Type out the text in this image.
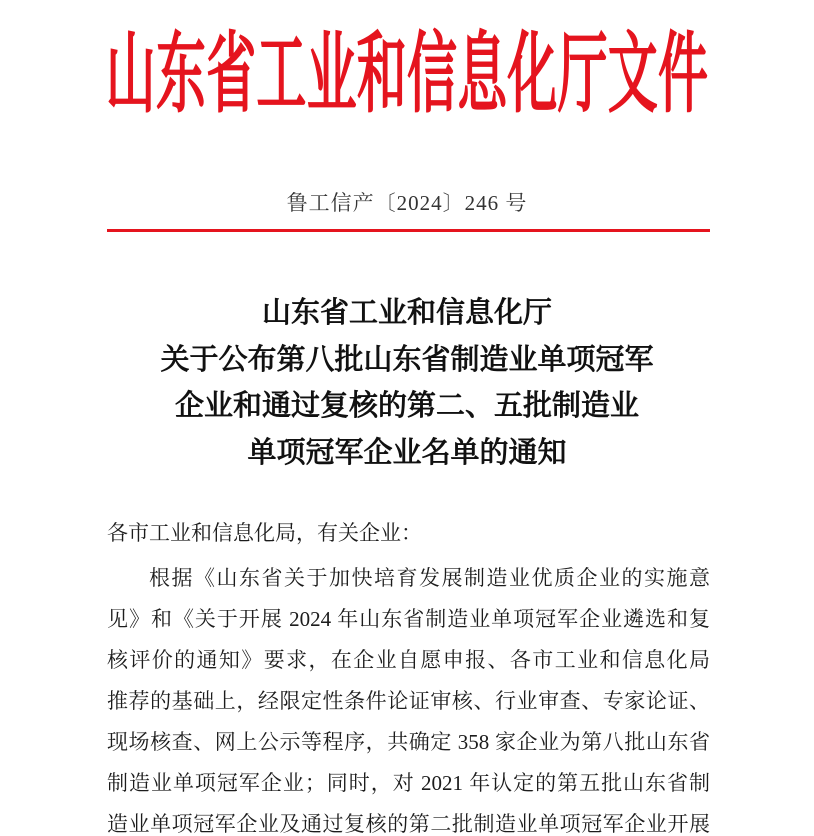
山东省工业和信息化厅文件
鲁工信产〔2024〕246 号
山东省工业和信息化厅
关于公布第八批山东省制造业单项冠军
企业和通过复核的第二、五批制造业
单项冠军企业名单的通知
各市工业和信息化局，有关企业：
根据《山东省关于加快培育发展制造业优质企业的实施意
见》和《关于开展 2024 年山东省制造业单项冠军企业遴选和复
核评价的通知》要求，在企业自愿申报、各市工业和信息化局
推荐的基础上，经限定性条件论证审核、行业审查、专家论证、
现场核查、网上公示等程序，共确定 358 家企业为第八批山东省
制造业单项冠军企业；同时，对 2021 年认定的第五批山东省制
造业单项冠军企业及通过复核的第二批制造业单项冠军企业开展
